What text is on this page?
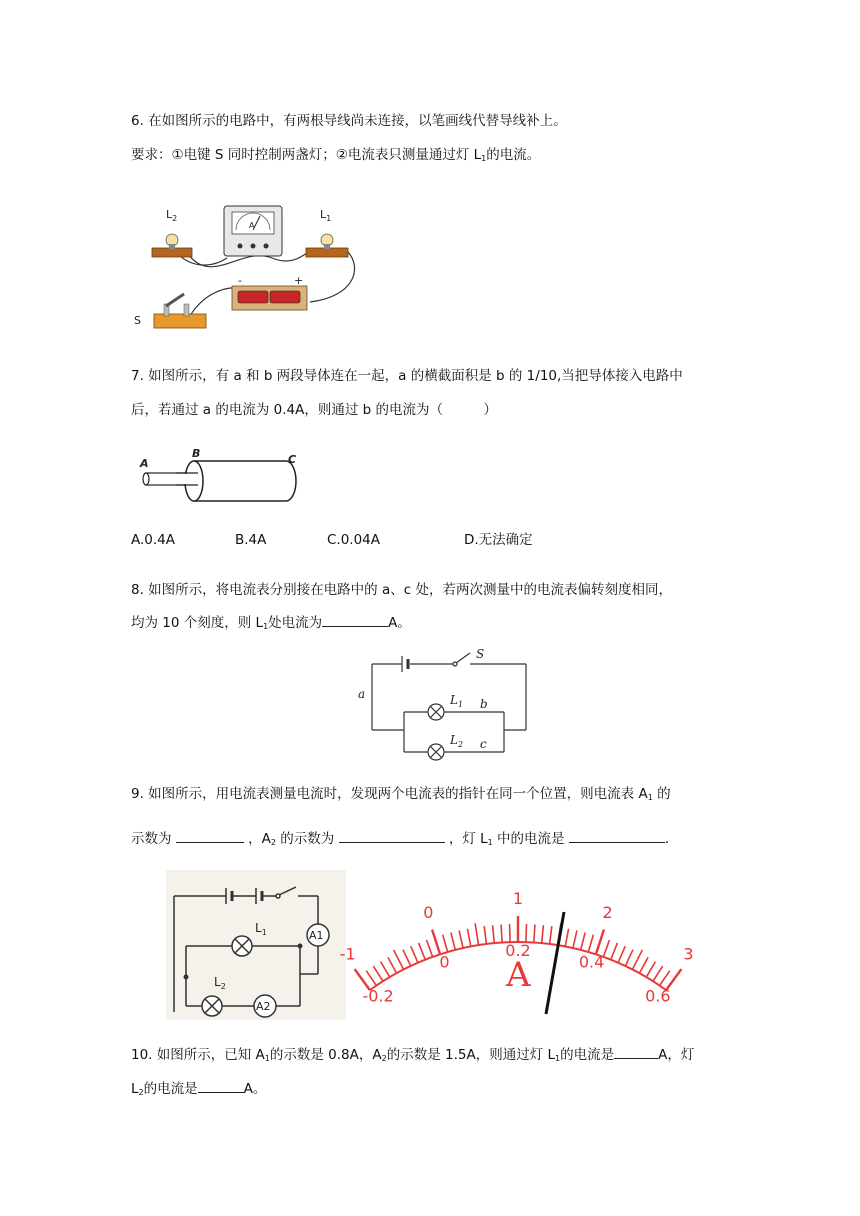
6. 在如图所示的电路中，有两根导线尚未连接，以笔画线代替导线补上。
要求：①电键 S 同时控制两盏灯；②电流表只测量通过灯 $L_1$的电流。
$L_2$
A
$L_1$
-	+
S
7. 如图所示，有 a 和 b 两段导体连在一起，a 的横截面积是 b 的 1/10,当把导体接入电路中
后，若通过 a 的电流为 0.4A，则通过 b 的电流为（　　　）
A
B	C
A.0.4A	B.4A	C.0.04A	D.无法确定
8. 如图所示，将电流表分别接在电路中的 a、c 处，若两次测量中的电流表偏转刻度相同，
均为 10 个刻度，则 $L_1$处电流为	A。
S
a	$L_1$
$L_2$
b
c
9. 如图所示，用电流表测量电流时，发现两个电流表的指针在同一个位置，则电流表 $A_1$ 的
示数为	，$A_2$ 的示数为	，灯 $L_1$ 中的电流是	.
$L_1$
$L_2$
A1
A2
A
-1
0
1
2
3
-0.2
0
0.2
0.4
0.6
10. 如图所示，已知 $A_1$的示数是 0.8A，$A_2$的示数是 1.5A，则通过灯 $L_1$的电流是	A，灯
$L_2$的电流是	A。
